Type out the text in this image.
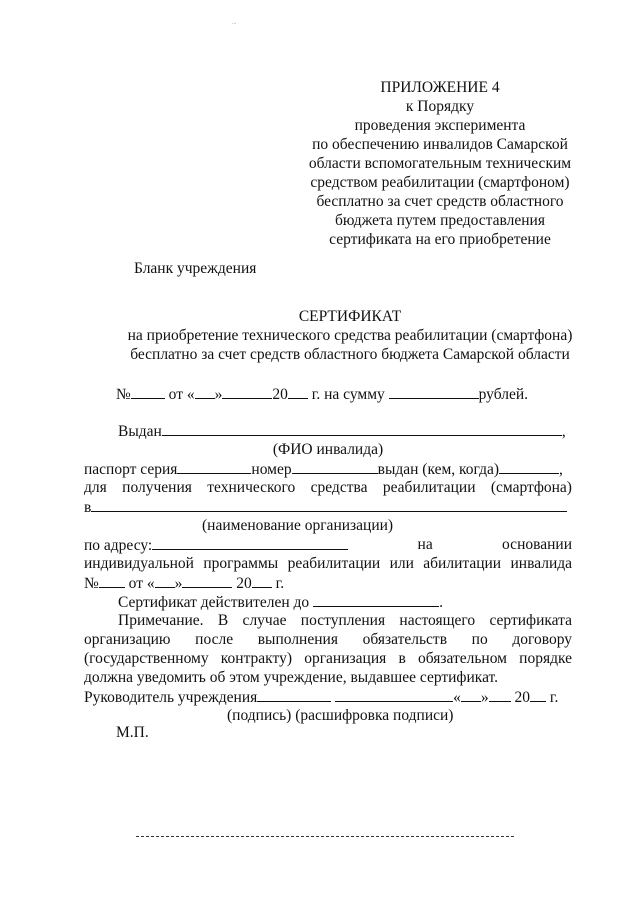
...
ПРИЛОЖЕНИЕ 4
к Порядку
проведения эксперимента
по обеспечению инвалидов Самарской
области вспомогательным техническим
средством реабилитации (смартфоном)
бесплатно за счет средств областного
бюджета путем предоставления
сертификата на его приобретение
Бланк учреждения
СЕРТИФИКАТ
на приобретение технического средства реабилитации (смартфона)
бесплатно за счет средств областного бюджета Самарской области
№ от « »	20 г. на сумму	рублей.
Выдан	,
(ФИО инвалида)
паспорт серия	номер	выдан (кем, когда)	,
для получения технического средства реабилитации (смартфона)
в
(наименование организации)
по адресу:	на	основании
индивидуальной программы реабилитации или абилитации инвалида
№ от « »	20 г.
Сертификат действителен до	.

Примечание. В случае поступления настоящего сертификата организацию после выполнения обязательств по договору (государственному контракту) организация в обязательном порядке должна уведомить об этом учреждение, выдавшее сертификат.

Руководитель учреждения	« » 20 г.
(подпись) (расшифровка подписи)
М.П.
